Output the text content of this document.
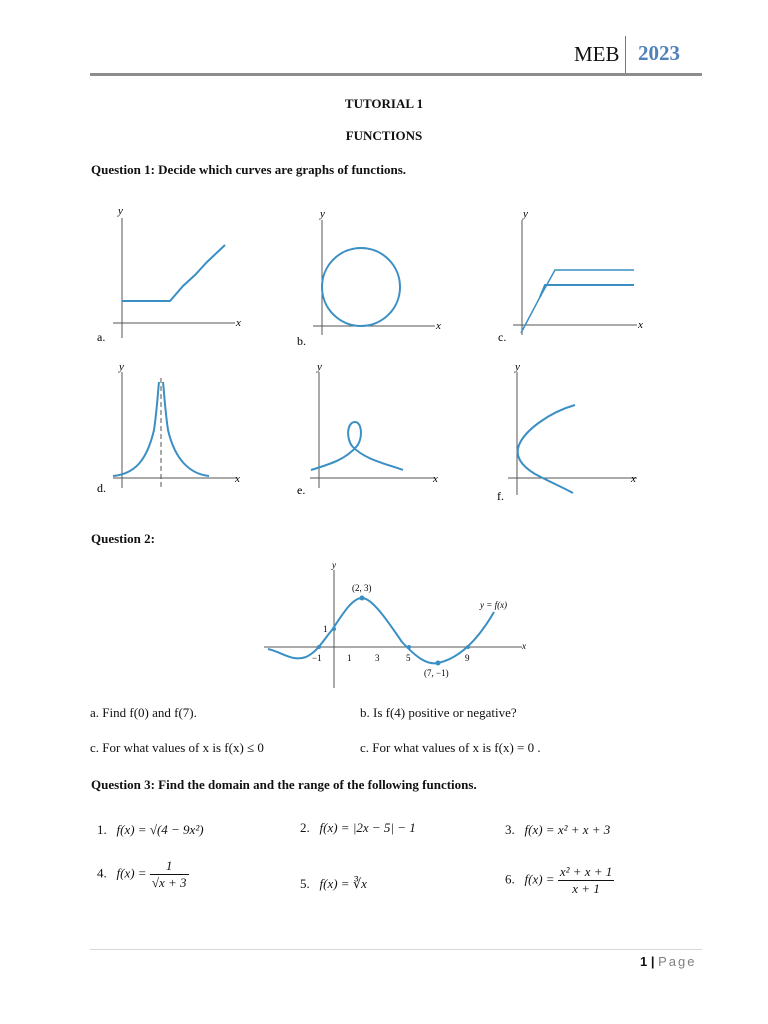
MEB 2023
TUTORIAL 1
FUNCTIONS
Question 1: Decide which curves are graphs of functions.
y
x
a.
y
x
b.
y
x
c.
y
x
d.
y
x
e.
y
x
f.
Question 2:
y
x
(2, 3)
(7, −1)
y = f(x)
1
−1	1	3	5	9
a. Find f(0) and f(7).	b. Is f(4) positive or negative?
c. For what values of x is f(x) ≤ 0	c. For what values of x is f(x) = 0 .
Question 3: Find the domain and the range of the following functions.
1. f(x) = √(4 − 9x²)	2. f(x) = |2x − 5| − 1	3. f(x) = x² + x + 3
4. $f(x) = \frac{1}{√x + 3}$	5. f(x) = ∛x	6. $f(x) = \frac{\text{x² + x + 1}}{x + 1}$
1 | Page
